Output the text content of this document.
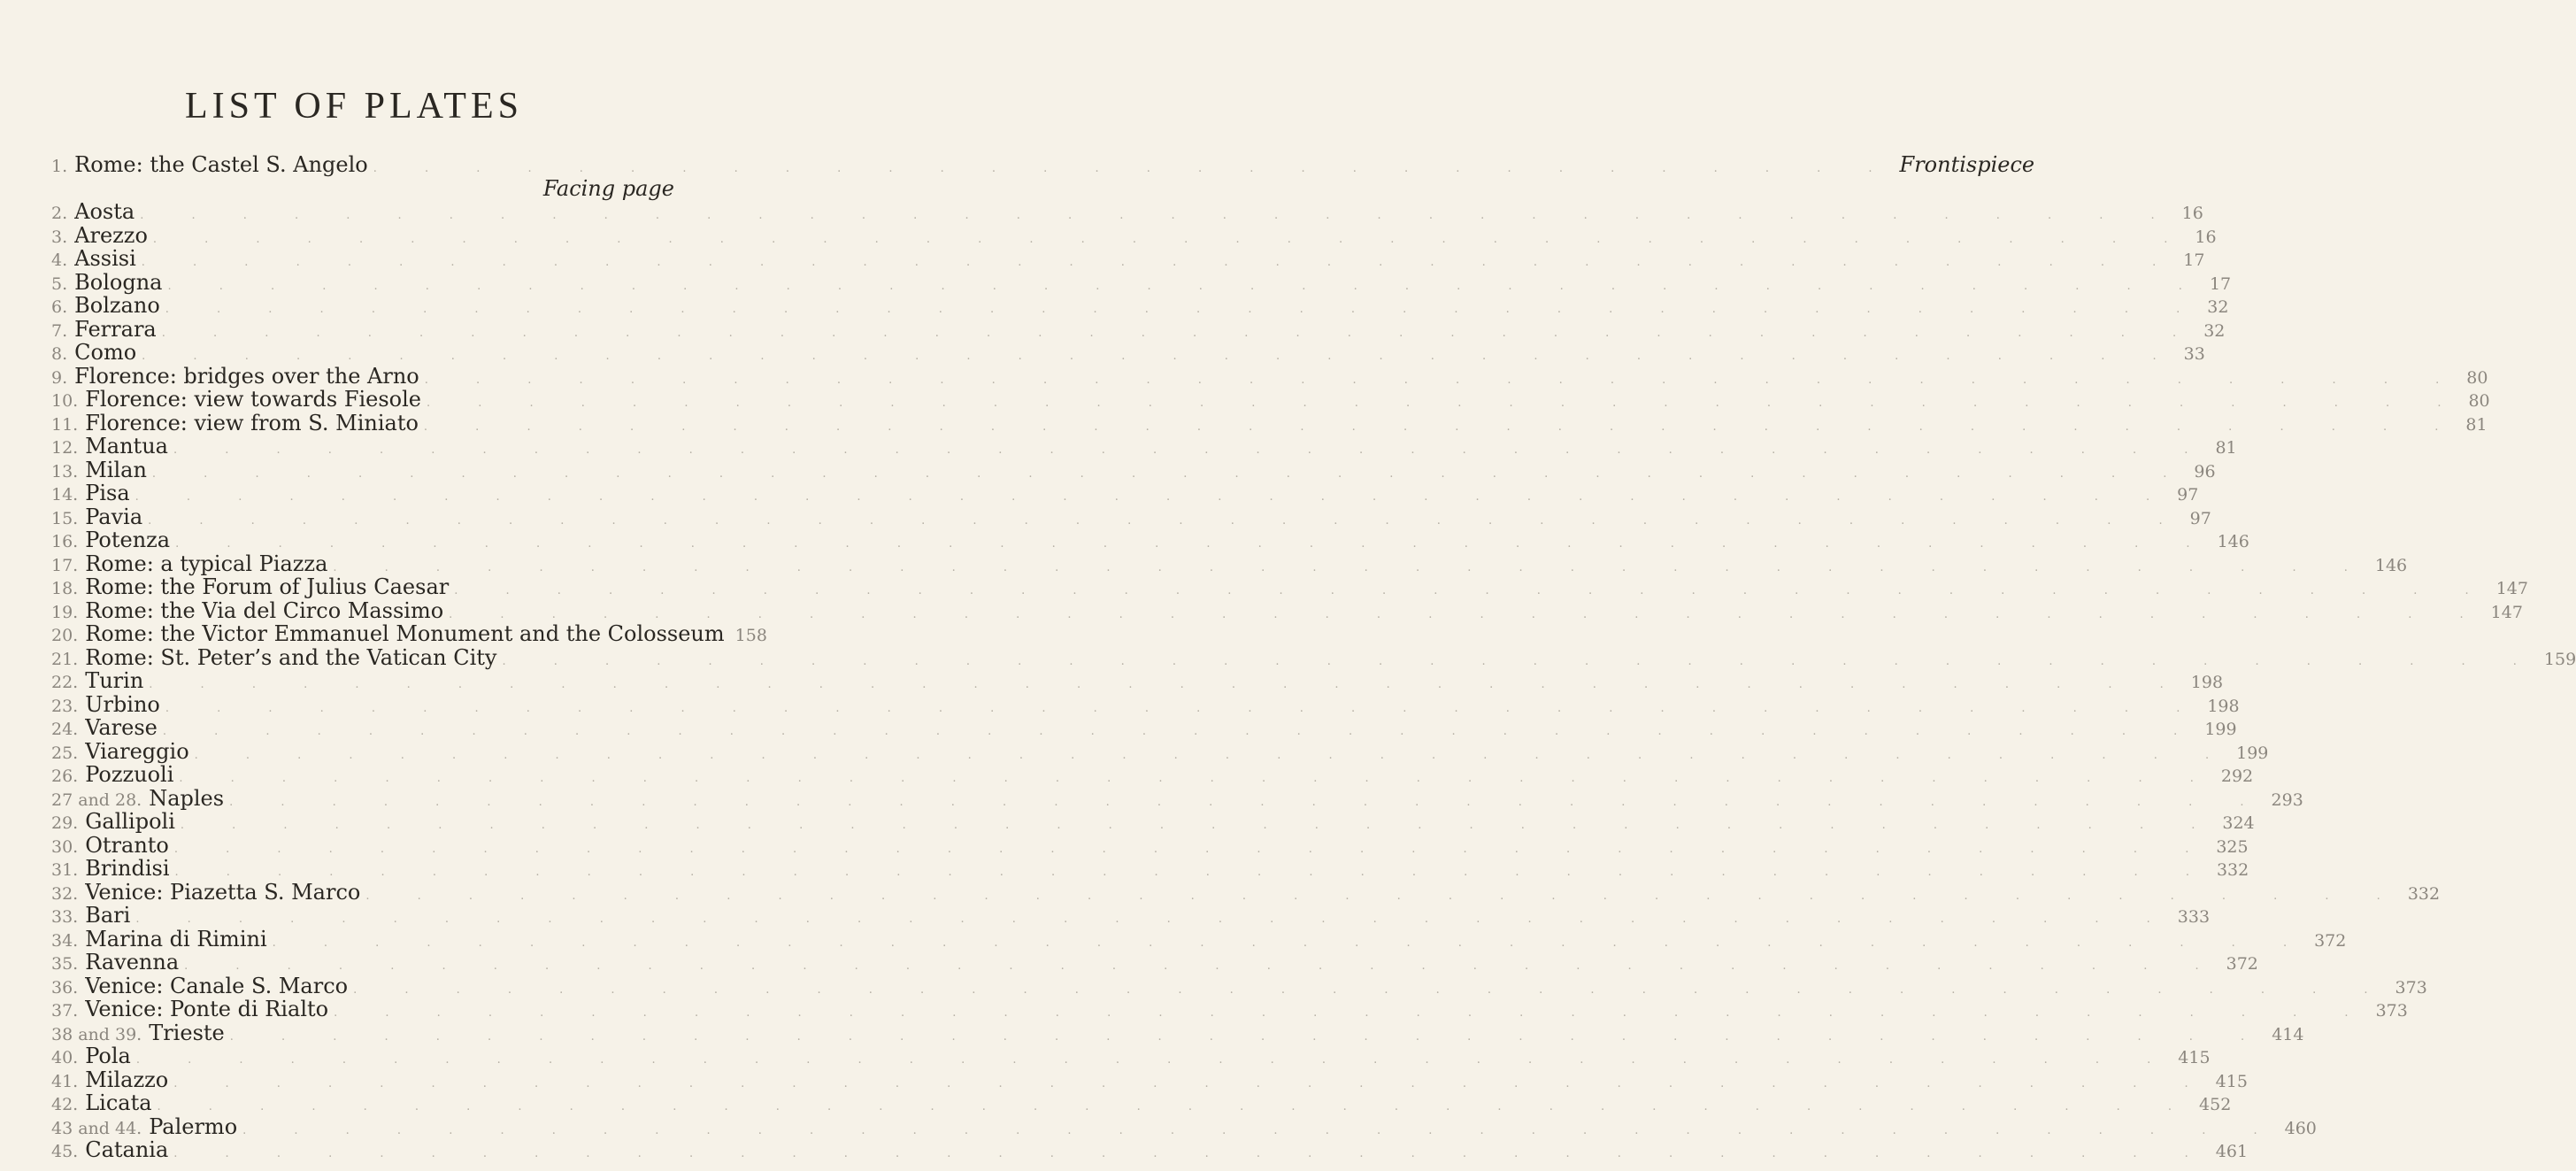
LIST OF PLATES
1. Rome: the Castel S. Angelo . . . . . . . . . . . . . . . . . . . . . . . . . . . . . . Frontispiece
Facing page
2. Aosta . . . . . . . . . . . . . . . . . . . . . . . . . . . . . . . . . . . . . . . . 16
3. Arezzo . . . . . . . . . . . . . . . . . . . . . . . . . . . . . . . . . . . . . . . . 16
4. Assisi . . . . . . . . . . . . . . . . . . . . . . . . . . . . . . . . . . . . . . . . 17
5. Bologna . . . . . . . . . . . . . . . . . . . . . . . . . . . . . . . . . . . . . . . . 17
6. Bolzano . . . . . . . . . . . . . . . . . . . . . . . . . . . . . . . . . . . . . . . . 32
7. Ferrara . . . . . . . . . . . . . . . . . . . . . . . . . . . . . . . . . . . . . . . . 32
8. Como . . . . . . . . . . . . . . . . . . . . . . . . . . . . . . . . . . . . . . . . 33
9. Florence: bridges over the Arno . . . . . . . . . . . . . . . . . . . . . . . . . . . . . . . . . . . . . . . . 80
10. Florence: view towards Fiesole . . . . . . . . . . . . . . . . . . . . . . . . . . . . . . . . . . . . . . . . 80
11. Florence: view from S. Miniato . . . . . . . . . . . . . . . . . . . . . . . . . . . . . . . . . . . . . . . . 81
12. Mantua . . . . . . . . . . . . . . . . . . . . . . . . . . . . . . . . . . . . . . . . 81
13. Milan . . . . . . . . . . . . . . . . . . . . . . . . . . . . . . . . . . . . . . . . 96
14. Pisa . . . . . . . . . . . . . . . . . . . . . . . . . . . . . . . . . . . . . . . . 97
15. Pavia . . . . . . . . . . . . . . . . . . . . . . . . . . . . . . . . . . . . . . . . 97
16. Potenza . . . . . . . . . . . . . . . . . . . . . . . . . . . . . . . . . . . . . . . . 146
17. Rome: a typical Piazza . . . . . . . . . . . . . . . . . . . . . . . . . . . . . . . . . . . . . . . . 146
18. Rome: the Forum of Julius Caesar . . . . . . . . . . . . . . . . . . . . . . . . . . . . . . . . . . . . . . . . 147
19. Rome: the Via del Circo Massimo . . . . . . . . . . . . . . . . . . . . . . . . . . . . . . . . . . . . . . . . 147
20. Rome: the Victor Emmanuel Monument and the Colosseum 158
21. Rome: St. Peter’s and the Vatican City . . . . . . . . . . . . . . . . . . . . . . . . . . . . . . . . . . . . . . . . 159
22. Turin . . . . . . . . . . . . . . . . . . . . . . . . . . . . . . . . . . . . . . . . 198
23. Urbino . . . . . . . . . . . . . . . . . . . . . . . . . . . . . . . . . . . . . . . . 198
24. Varese . . . . . . . . . . . . . . . . . . . . . . . . . . . . . . . . . . . . . . . . 199
25. Viareggio . . . . . . . . . . . . . . . . . . . . . . . . . . . . . . . . . . . . . . . . 199
26. Pozzuoli . . . . . . . . . . . . . . . . . . . . . . . . . . . . . . . . . . . . . . . . 292
27 and 28. Naples . . . . . . . . . . . . . . . . . . . . . . . . . . . . . . . . . . . . . . . . 293
29. Gallipoli . . . . . . . . . . . . . . . . . . . . . . . . . . . . . . . . . . . . . . . . 324
30. Otranto . . . . . . . . . . . . . . . . . . . . . . . . . . . . . . . . . . . . . . . . 325
31. Brindisi . . . . . . . . . . . . . . . . . . . . . . . . . . . . . . . . . . . . . . . . 332
32. Venice: Piazetta S. Marco . . . . . . . . . . . . . . . . . . . . . . . . . . . . . . . . . . . . . . . . 332
33. Bari . . . . . . . . . . . . . . . . . . . . . . . . . . . . . . . . . . . . . . . . 333
34. Marina di Rimini . . . . . . . . . . . . . . . . . . . . . . . . . . . . . . . . . . . . . . . . 372
35. Ravenna . . . . . . . . . . . . . . . . . . . . . . . . . . . . . . . . . . . . . . . . 372
36. Venice: Canale S. Marco . . . . . . . . . . . . . . . . . . . . . . . . . . . . . . . . . . . . . . . . 373
37. Venice: Ponte di Rialto . . . . . . . . . . . . . . . . . . . . . . . . . . . . . . . . . . . . . . . . 373
38 and 39. Trieste . . . . . . . . . . . . . . . . . . . . . . . . . . . . . . . . . . . . . . . . 414
40. Pola . . . . . . . . . . . . . . . . . . . . . . . . . . . . . . . . . . . . . . . . 415
41. Milazzo . . . . . . . . . . . . . . . . . . . . . . . . . . . . . . . . . . . . . . . . 415
42. Licata . . . . . . . . . . . . . . . . . . . . . . . . . . . . . . . . . . . . . . . . 452
43 and 44. Palermo . . . . . . . . . . . . . . . . . . . . . . . . . . . . . . . . . . . . . . . . 460
45. Catania . . . . . . . . . . . . . . . . . . . . . . . . . . . . . . . . . . . . . . . . 461
